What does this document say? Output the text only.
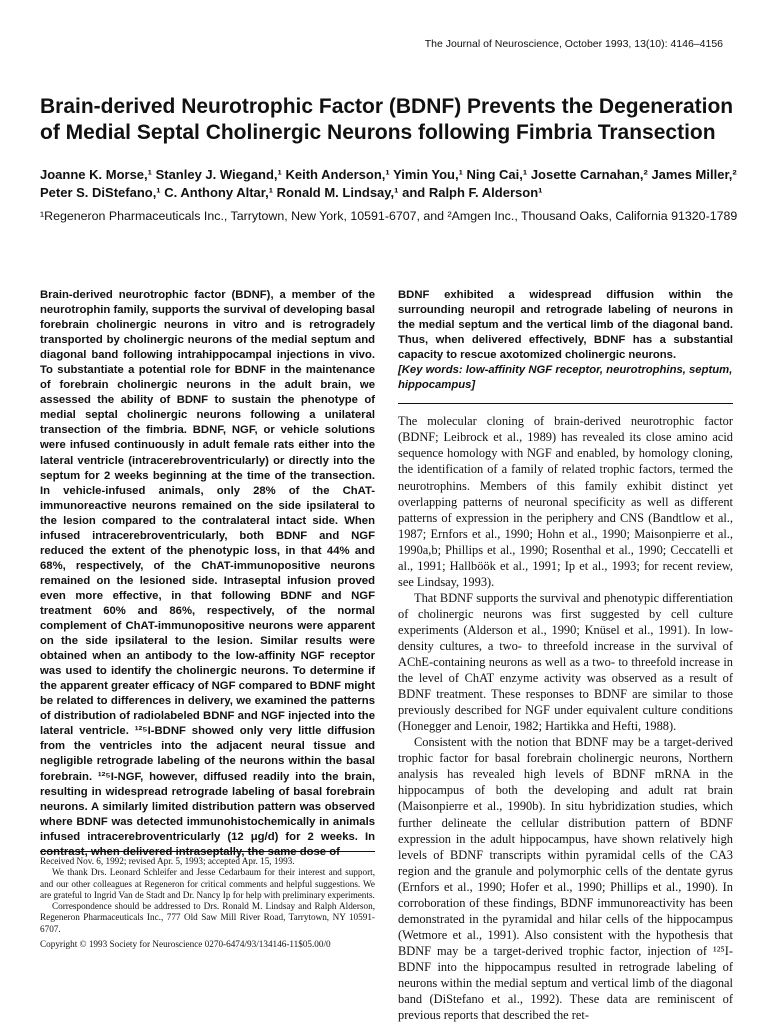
The Journal of Neuroscience, October 1993, 13(10): 4146–4156
Brain-derived Neurotrophic Factor (BDNF) Prevents the Degeneration of Medial Septal Cholinergic Neurons following Fimbria Transection

Joanne K. Morse,¹ Stanley J. Wiegand,¹ Keith Anderson,¹ Yimin You,¹ Ning Cai,¹ Josette Carnahan,² James Miller,² Peter S. DiStefano,¹ C. Anthony Altar,¹ Ronald M. Lindsay,¹ and Ralph F. Alderson¹

¹Regeneron Pharmaceuticals Inc., Tarrytown, New York, 10591-6707, and ²Amgen Inc., Thousand Oaks, California 91320-1789

Brain-derived neurotrophic factor (BDNF), a member of the neurotrophin family, supports the survival of developing basal forebrain cholinergic neurons in vitro and is retrogradely transported by cholinergic neurons of the medial septum and diagonal band following intrahippocampal injections in vivo. To substantiate a potential role for BDNF in the maintenance of forebrain cholinergic neurons in the adult brain, we assessed the ability of BDNF to sustain the phenotype of medial septal cholinergic neurons following a unilateral transection of the fimbria. BDNF, NGF, or vehicle solutions were infused continuously in adult female rats either into the lateral ventricle (intracerebroventricularly) or directly into the septum for 2 weeks beginning at the time of the transection. In vehicle-infused animals, only 28% of the ChAT-immunoreactive neurons remained on the side ipsilateral to the lesion compared to the contralateral intact side. When infused intracerebroventricularly, both BDNF and NGF reduced the extent of the phenotypic loss, in that 44% and 68%, respectively, of the ChAT-immunopositive neurons remained on the lesioned side. Intraseptal infusion proved even more effective, in that following BDNF and NGF treatment 60% and 86%, respectively, of the normal complement of ChAT-immunopositive neurons were apparent on the side ipsilateral to the lesion. Similar results were obtained when an antibody to the low-affinity NGF receptor was used to identify the cholinergic neurons. To determine if the apparent greater efficacy of NGF compared to BDNF might be related to differences in delivery, we examined the patterns of distribution of radiolabeled BDNF and NGF injected into the lateral ventricle. ¹²⁵I-BDNF showed only very little diffusion from the ventricles into the adjacent neural tissue and negligible retrograde labeling of the neurons within the basal forebrain. ¹²⁵I-NGF, however, diffused readily into the brain, resulting in widespread retrograde labeling of basal forebrain neurons. A similarly limited distribution pattern was observed where BDNF was detected immunohistochemically in animals infused intracerebroventricularly (12 μg/d) for 2 weeks. In contrast, when delivered intraseptally, the same dose of

BDNF exhibited a widespread diffusion within the surrounding neuropil and retrograde labeling of neurons in the medial septum and the vertical limb of the diagonal band. Thus, when delivered effectively, BDNF has a substantial capacity to rescue axotomized cholinergic neurons.

[Key words: low-affinity NGF receptor, neurotrophins, septum, hippocampus]

The molecular cloning of brain-derived neurotrophic factor (BDNF; Leibrock et al., 1989) has revealed its close amino acid sequence homology with NGF and enabled, by homology cloning, the identification of a family of related trophic factors, termed the neurotrophins. Members of this family exhibit distinct yet overlapping patterns of neuronal specificity as well as different patterns of expression in the periphery and CNS (Bandtlow et al., 1987; Ernfors et al., 1990; Hohn et al., 1990; Maisonpierre et al., 1990a,b; Phillips et al., 1990; Rosenthal et al., 1990; Ceccatelli et al., 1991; Hallböök et al., 1991; Ip et al., 1993; for recent review, see Lindsay, 1993).

That BDNF supports the survival and phenotypic differentiation of cholinergic neurons was first suggested by cell culture experiments (Alderson et al., 1990; Knüsel et al., 1991). In low-density cultures, a two- to threefold increase in the survival of AChE-containing neurons as well as a two- to threefold increase in the level of ChAT enzyme activity was observed as a result of BDNF treatment. These responses to BDNF are similar to those previously described for NGF under equivalent culture conditions (Honegger and Lenoir, 1982; Hartikka and Hefti, 1988).

Consistent with the notion that BDNF may be a target-derived trophic factor for basal forebrain cholinergic neurons, Northern analysis has revealed high levels of BDNF mRNA in the hippocampus of both the developing and adult rat brain (Maisonpierre et al., 1990b). In situ hybridization studies, which further delineate the cellular distribution pattern of BDNF expression in the adult hippocampus, have shown relatively high levels of BDNF transcripts within pyramidal cells of the CA3 region and the granule and polymorphic cells of the dentate gyrus (Ernfors et al., 1990; Hofer et al., 1990; Phillips et al., 1990). In corroboration of these findings, BDNF immunoreactivity has been demonstrated in the pyramidal and hilar cells of the hippocampus (Wetmore et al., 1991). Also consistent with the hypothesis that BDNF may be a target-derived trophic factor, injection of ¹²⁵I-BDNF into the hippocampus resulted in retrograde labeling of neurons within the medial septum and vertical limb of the diagonal band (DiStefano et al., 1992). These data are reminiscent of previous reports that described the ret-

Received Nov. 6, 1992; revised Apr. 5, 1993; accepted Apr. 15, 1993.

We thank Drs. Leonard Schleifer and Jesse Cedarbaum for their interest and support, and our other colleagues at Regeneron for critical comments and helpful suggestions. We are grateful to Ingrid Van de Stadt and Dr. Nancy Ip for help with preliminary experiments.

Correspondence should be addressed to Drs. Ronald M. Lindsay and Ralph Alderson, Regeneron Pharmaceuticals Inc., 777 Old Saw Mill River Road, Tarrytown, NY 10591-6707.

Copyright © 1993 Society for Neuroscience 0270-6474/93/134146-11$05.00/0
